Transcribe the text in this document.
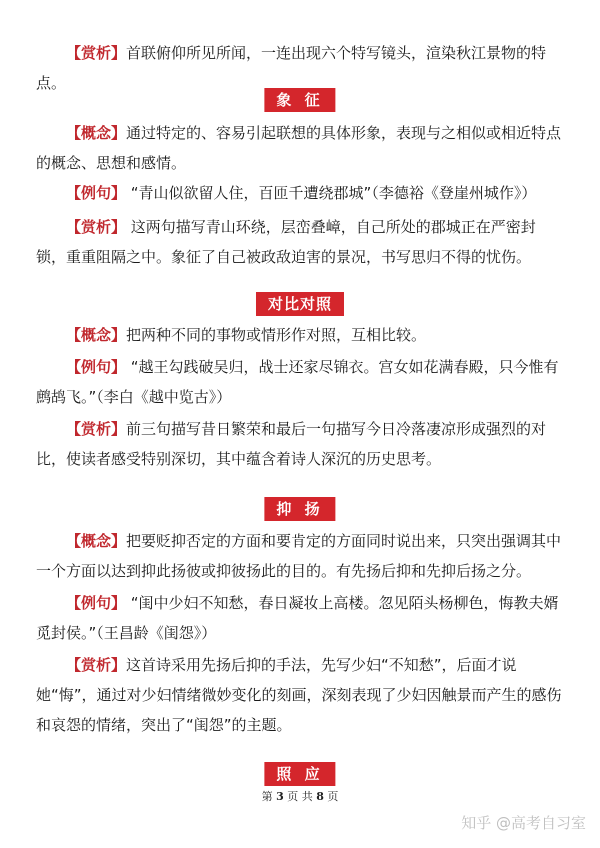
【赏析】首联俯仰所见所闻，一连出现六个特写镜头，渲染秋江景物的特点。

象 征

【概念】通过特定的、容易引起联想的具体形象，表现与之相似或相近特点的概念、思想和感情。

【例句】 “青山似欲留人住，百匝千遭绕郡城”（李德裕《登崖州城作》）

【赏析】 这两句描写青山环绕，层峦叠嶂，自己所处的郡城正在严密封锁，重重阻隔之中。象征了自己被政敌迫害的景况，书写思归不得的忧伤。

对比对照

【概念】把两种不同的事物或情形作对照，互相比较。

【例句】 “越王勾践破吴归，战士还家尽锦衣。宫女如花满春殿，只今惟有鹧鸪飞。”（李白《越中览古》）

【赏析】前三句描写昔日繁荣和最后一句描写今日冷落凄凉形成强烈的对比，使读者感受特别深切，其中蕴含着诗人深沉的历史思考。

抑 扬

【概念】把要贬抑否定的方面和要肯定的方面同时说出来，只突出强调其中一个方面以达到抑此扬彼或抑彼扬此的目的。有先扬后抑和先抑后扬之分。

【例句】 “闺中少妇不知愁，春日凝妆上高楼。忽见陌头杨柳色，悔教夫婿觅封侯。”（王昌龄《闺怨》）

【赏析】这首诗采用先扬后抑的手法，先写少妇“不知愁”，后面才说她“悔”，通过对少妇情绪微妙变化的刻画，深刻表现了少妇因触景而产生的感伤和哀怨的情绪，突出了“闺怨”的主题。

照 应
第 3 页 共 8 页
知乎 @高考自习室
